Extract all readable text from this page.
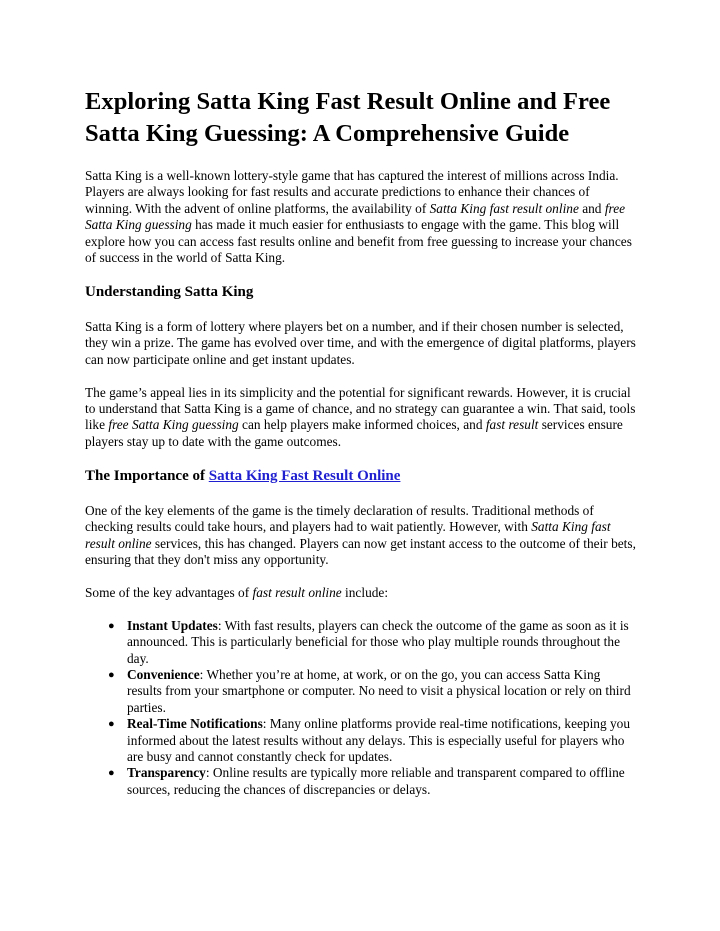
Exploring Satta King Fast Result Online and Free Satta King Guessing: A Comprehensive Guide

Satta King is a well-known lottery-style game that has captured the interest of millions across India. Players are always looking for fast results and accurate predictions to enhance their chances of winning. With the advent of online platforms, the availability of Satta King fast result online and free Satta King guessing has made it much easier for enthusiasts to engage with the game. This blog will explore how you can access fast results online and benefit from free guessing to increase your chances of success in the world of Satta King.

Understanding Satta King

Satta King is a form of lottery where players bet on a number, and if their chosen number is selected, they win a prize. The game has evolved over time, and with the emergence of digital platforms, players can now participate online and get instant updates.

The game’s appeal lies in its simplicity and the potential for significant rewards. However, it is crucial to understand that Satta King is a game of chance, and no strategy can guarantee a win. That said, tools like free Satta King guessing can help players make informed choices, and fast result services ensure players stay up to date with the game outcomes.

The Importance of Satta King Fast Result Online

One of the key elements of the game is the timely declaration of results. Traditional methods of checking results could take hours, and players had to wait patiently. However, with Satta King fast result online services, this has changed. Players can now get instant access to the outcome of their bets, ensuring that they don't miss any opportunity.

Some of the key advantages of fast result online include:

● Instant Updates: With fast results, players can check the outcome of the game as soon as it is announced. This is particularly beneficial for those who play multiple rounds throughout the day.
● Convenience: Whether you’re at home, at work, or on the go, you can access Satta King results from your smartphone or computer. No need to visit a physical location or rely on third parties.
● Real-Time Notifications: Many online platforms provide real-time notifications, keeping you informed about the latest results without any delays. This is especially useful for players who are busy and cannot constantly check for updates.
● Transparency: Online results are typically more reliable and transparent compared to offline sources, reducing the chances of discrepancies or delays.
